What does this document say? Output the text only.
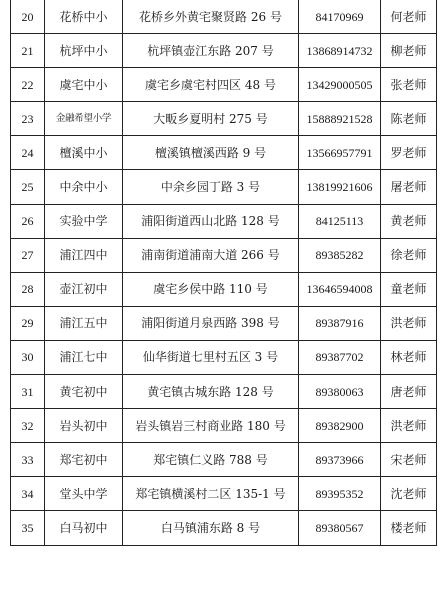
20	花桥中小	花桥乡外黄宅聚贤路 26 号	84170969	何老师
21	杭坪中小	杭坪镇壶江东路 207 号	13868914732	柳老师
22	虞宅中小	虞宅乡虞宅村四区 48 号	13429000505	张老师
23	金融希望小学	大畈乡夏明村 275 号	15888921528	陈老师
24	檀溪中小	檀溪镇檀溪西路 9 号	13566957791	罗老师
25	中余中小	中余乡园丁路 3 号	13819921606	屠老师
26	实验中学	浦阳街道西山北路 128 号	84125113	黄老师
27	浦江四中	浦南街道浦南大道 266 号	89385282	徐老师
28	壶江初中	虞宅乡侯中路 110 号	13646594008	童老师
29	浦江五中	浦阳街道月泉西路 398 号	89387916	洪老师
30	浦江七中	仙华街道七里村五区 3 号	89387702	林老师
31	黄宅初中	黄宅镇古城东路 128 号	89380063	唐老师
32	岩头初中	岩头镇岩三村商业路 180 号	89382900	洪老师
33	郑宅初中	郑宅镇仁义路 788 号	89373966	宋老师
34	堂头中学	郑宅镇横溪村二区 135-1 号	89395352	沈老师
35	白马初中	白马镇浦东路 8 号	89380567	楼老师
